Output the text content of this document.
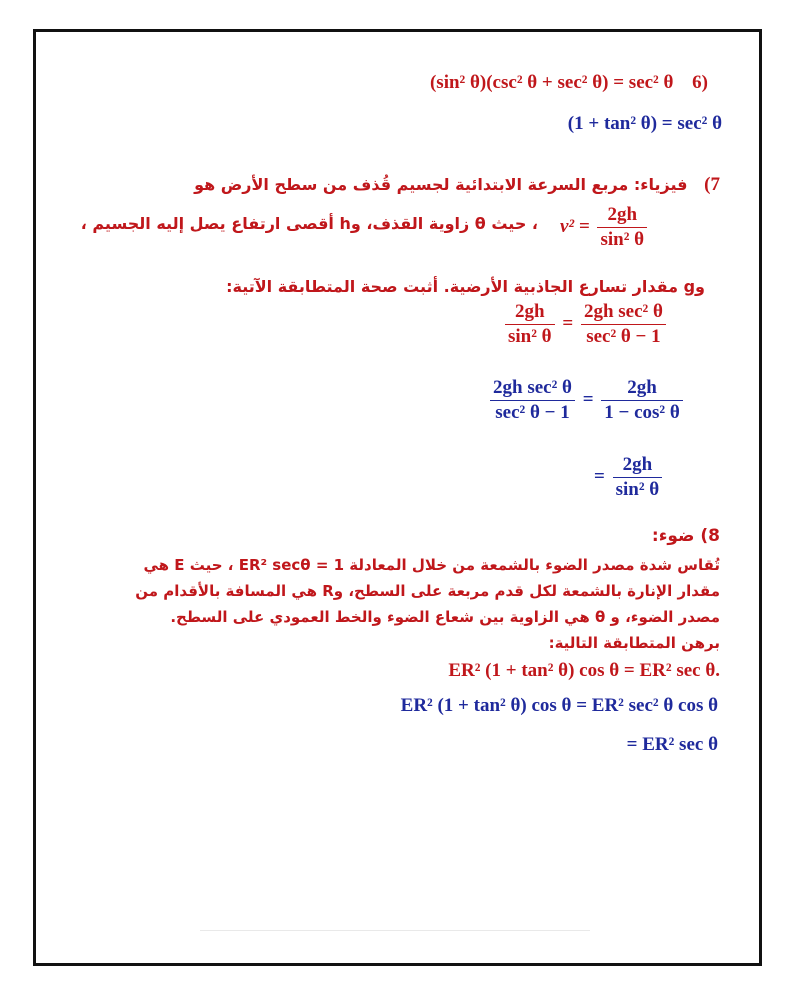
(sin² θ)(csc² θ + sec² θ) = sec² θ 6)
(1 + tan² θ) = sec² θ
7)   فيزياء: مربع السرعة الابتدائية لجسيم قُذف من سطح الأرض هو
$v^2 = \frac{2gh}{\text{sin² θ}}$
، حيث θ زاوية القذف، وh أقصى ارتفاع يصل إليه الجسيم ،
وg مقدار تسارع الجاذبية الأرضية. أثبت صحة المتطابقة الآتية:
$\frac{2gh}{\text{sin² θ}} = \frac{\text{2gh sec² θ}}{\text{sec² θ − 1}}$
$\frac{\text{2gh sec² θ}}{\text{sec² θ − 1}} = \frac{2gh}{\text{1 − cos² θ}}$
= $\frac{2gh}{\text{sin² θ}}$
8) ضوء:
تُقاس شدة مصدر الضوء بالشمعة من خلال المعادلة 1 = ER² secθ ، حيث E هي
مقدار الإنارة بالشمعة لكل قدم مربعة على السطح، وR هي المسافة بالأقدام من
مصدر الضوء، و θ هي الزاوية بين شعاع الضوء والخط العمودي على السطح.
برهن المتطابقة التالية:
ER² (1 + tan² θ) cos θ = ER² sec θ.
ER² (1 + tan² θ) cos θ = ER² sec² θ cos θ
= ER² sec θ
